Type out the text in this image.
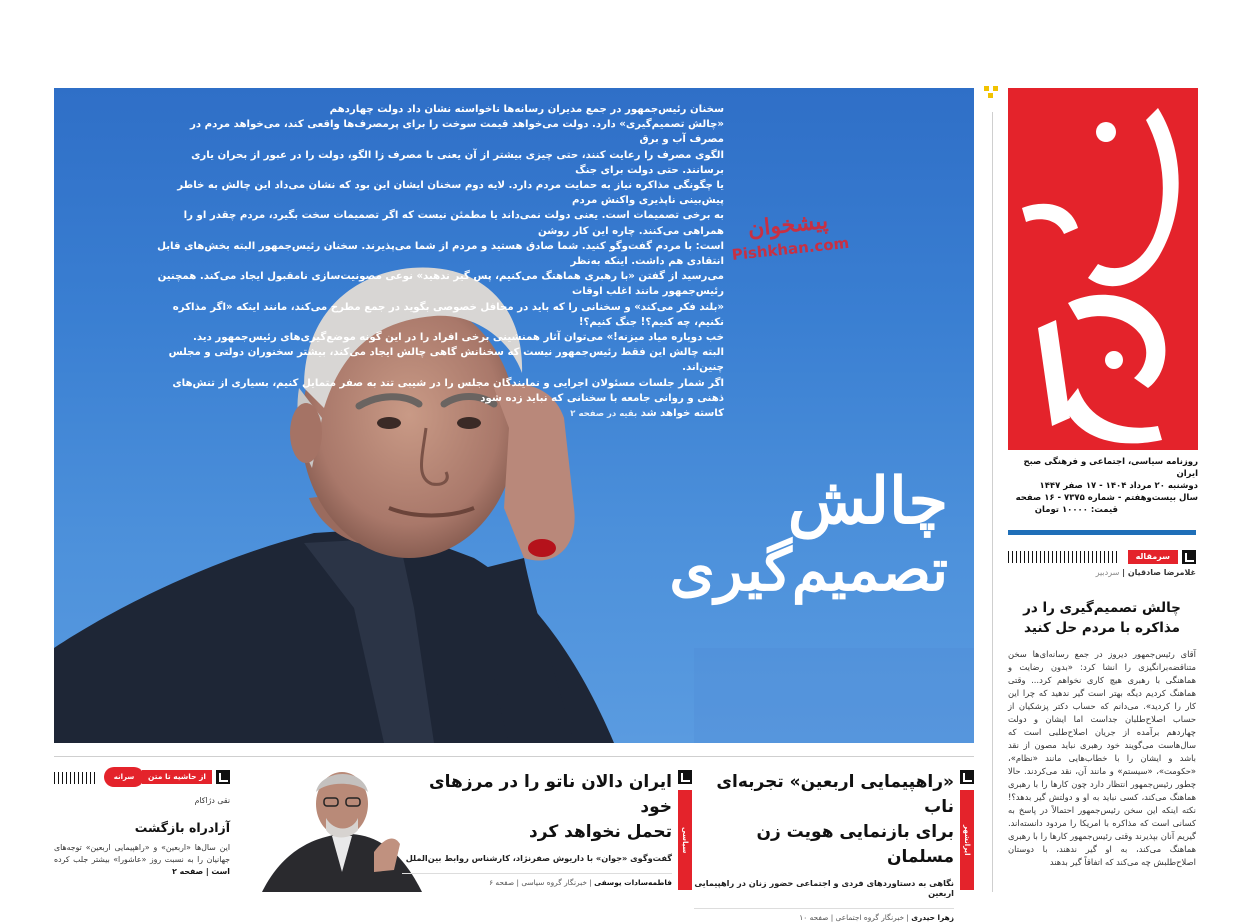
روزنامه سیاسی، اجتماعی و فرهنگی صبح ایران
دوشنبه ۲۰ مرداد ۱۴۰۴ - ۱۷ صفر ۱۴۴۷
سال بیست‌وهفتم - شماره ۷۳۷۵ - ۱۶ صفحه
قیمت: ۱۰۰۰۰ تومان
سرمقاله
غلامرضا صادقیان | سردبیر
چالش تصمیم‌گیری را در مذاکره با مردم حل کنید
آقای رئیس‌جمهور دیروز در جمع رسانه‌ای‌ها سخن متناقضه‌برانگیزی را انشا کرد: «بدون رضایت و هماهنگی با رهبری هیچ کاری نخواهم کرد... وقتی هماهنگ کردیم دیگه بهتر است گیر ندهید که چرا این کار را کردید». می‌دانم که حساب دکتر پزشکیان از حساب اصلاح‌طلبان جداست اما ایشان و دولت چهاردهم برآمده از جریان اصلاح‌طلبی است که سال‌هاست می‌گویند خود رهبری نباید مصون از نقد باشد و ایشان را با خطاب‌هایی مانند «نظام»، «حکومت»، «سیستم» و مانند آن، نقد می‌کردند. حالا چطور رئیس‌جمهور انتظار دارد چون کارها را با رهبری هماهنگ می‌کند، کسی نباید به او و دولتش گیر بدهد؟! نکته اینکه این سخن رئیس‌جمهور احتمالاً در پاسخ به کسانی است که مذاکره با امریکا را مردود دانسته‌اند. گیریم آنان بپذیرند وقتی رئیس‌جمهور کارها را با رهبری هماهنگ می‌کند، به او گیر ندهند، با دوستان اصلاح‌طلبش چه می‌کند که اتفاقاً گیر بدهند

سخنان رئیس‌جمهور در جمع مدیران رسانه‌ها ناخواسته نشان داد دولت چهاردهم

«چالش تصمیم‌گیری» دارد. دولت می‌خواهد قیمت سوخت را برای پرمصرف‌ها واقعی کند، می‌خواهد مردم در مصرف آب و برق

الگوی مصرف را رعایت کنند، حتی چیزی بیشتر از آن یعنی با مصرف زا الگو، دولت را در عبور از بحران یاری برسانند. حتی دولت برای جنگ

یا چگونگی مذاکره نیاز به حمایت مردم دارد. لایه دوم سخنان ایشان این بود که نشان می‌داد این چالش به خاطر پیش‌بینی ناپذیری واکنش مردم

به برخی تصمیمات است. یعنی دولت نمی‌داند یا مطمئن نیست که اگر تصمیمات سخت بگیرد، مردم چقدر او را همراهی می‌کنند. چاره این کار روشن

است: با مردم گفت‌وگو کنید. شما صادق هستید و مردم از شما می‌پذیرند. سخنان رئیس‌جمهور البته بخش‌های قابل انتقادی هم داشت. اینکه به‌نظر

می‌رسید از گفتن «با رهبری هماهنگ می‌کنیم، پس گیر ندهید» نوعی مصونیت‌سازی نامقبول ایجاد می‌کند. همچنین رئیس‌جمهور مانند اغلب اوقات

«بلند فکر می‌کند» و سخنانی را که باید در محافل خصوصی بگوید در جمع مطرح می‌کند، مانند اینکه «اگر مذاکره نکنیم، چه کنیم؟! جنگ کنیم؟!

خب دوباره میاد میزنه!» می‌توان آثار همنشینی برخی افراد را در این گونه موضع‌گیری‌های رئیس‌جمهور دید.

البته چالش این فقط رئیس‌جمهور نیست که سخنانش گاهی چالش ایجاد می‌کند، بیشتر سخنوران دولتی و مجلس چنین‌اند.

اگر شمار جلسات مسئولان اجرایی و نمایندگان مجلس را در شیبی تند به صفر متمایل کنیم، بسیاری از تنش‌های

ذهنی و روانی جامعه با سخنانی که نباید زده شود

کاسته خواهد شد بقیه در صفحه ۲

پیشخوان
Pishkhan.com
چالش
تصمیم‌گیری
ایرانشهر
«راهپیمایی اربعین» تجربه‌ای ناب
برای بازنمایی هویت زن مسلمان
نگاهی به دستاوردهای فردی و اجتماعی حضور زنان در راهپیمایی اربعین
زهرا حیدری | خبرنگار گروه اجتماعی | صفحه ۱۰
سیاسی
ایران دالان ناتو را در مرزهای خود
تحمل نخواهد کرد
گفت‌وگوی «جوان» با داریوش صفرنژاد، کارشناس روابط بین‌الملل
فاطمه‌سادات یوسفی | خبرنگار گروه سیاسی | صفحه ۶
از حاشیه تا متن
سرانه
نقی دژاکام
آزادراه بازگشت
این سال‌ها «اربعین» و «راهپیمایی اربعین» توجه‌های جهانیان را به نسبت روز «عاشورا» بیشتر جلب کرده است | صفحه ۲
